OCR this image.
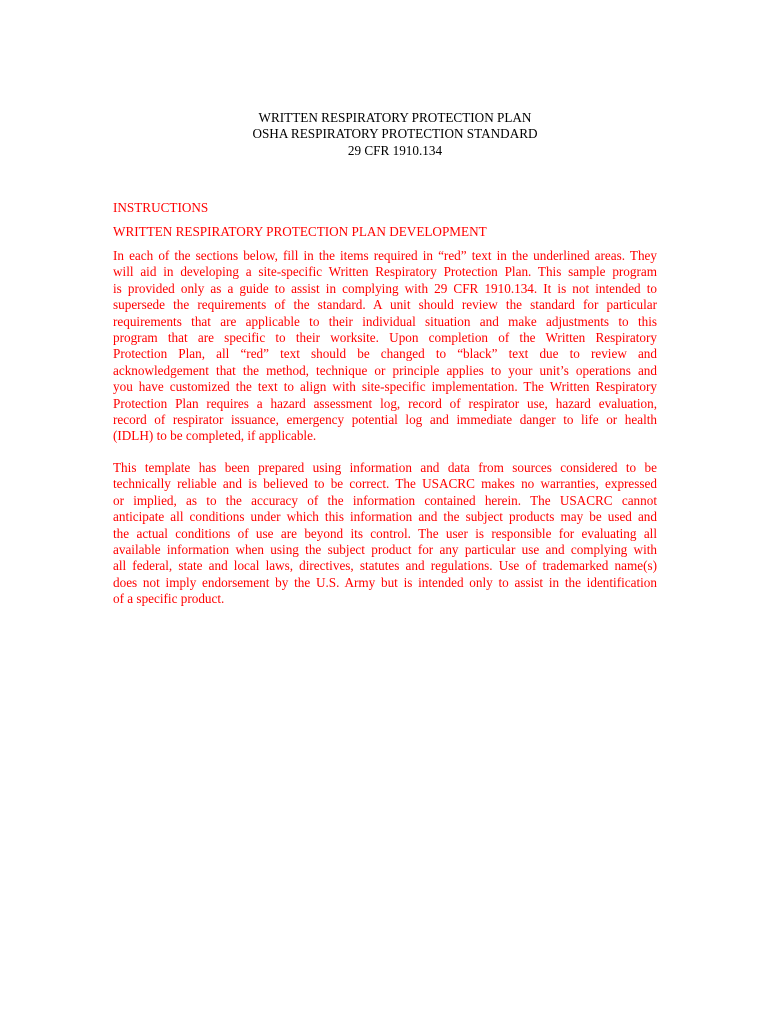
WRITTEN RESPIRATORY PROTECTION PLAN
OSHA RESPIRATORY PROTECTION STANDARD
29 CFR 1910.134
INSTRUCTIONS
WRITTEN RESPIRATORY PROTECTION PLAN DEVELOPMENT
In each of the sections below, fill in the items required in “red” text in the underlined areas. They
will aid in developing a site-specific Written Respiratory Protection Plan. This sample program
is provided only as a guide to assist in complying with 29 CFR 1910.134. It is not intended to
supersede the requirements of the standard. A unit should review the standard for particular
requirements that are applicable to their individual situation and make adjustments to this
program that are specific to their worksite. Upon completion of the Written Respiratory
Protection Plan, all “red” text should be changed to “black” text due to review and
acknowledgement that the method, technique or principle applies to your unit’s operations and
you have customized the text to align with site-specific implementation. The Written Respiratory
Protection Plan requires a hazard assessment log, record of respirator use, hazard evaluation,
record of respirator issuance, emergency potential log and immediate danger to life or health
(IDLH) to be completed, if applicable.
This template has been prepared using information and data from sources considered to be
technically reliable and is believed to be correct. The USACRC makes no warranties, expressed
or implied, as to the accuracy of the information contained herein. The USACRC cannot
anticipate all conditions under which this information and the subject products may be used and
the actual conditions of use are beyond its control. The user is responsible for evaluating all
available information when using the subject product for any particular use and complying with
all federal, state and local laws, directives, statutes and regulations. Use of trademarked name(s)
does not imply endorsement by the U.S. Army but is intended only to assist in the identification
of a specific product.
